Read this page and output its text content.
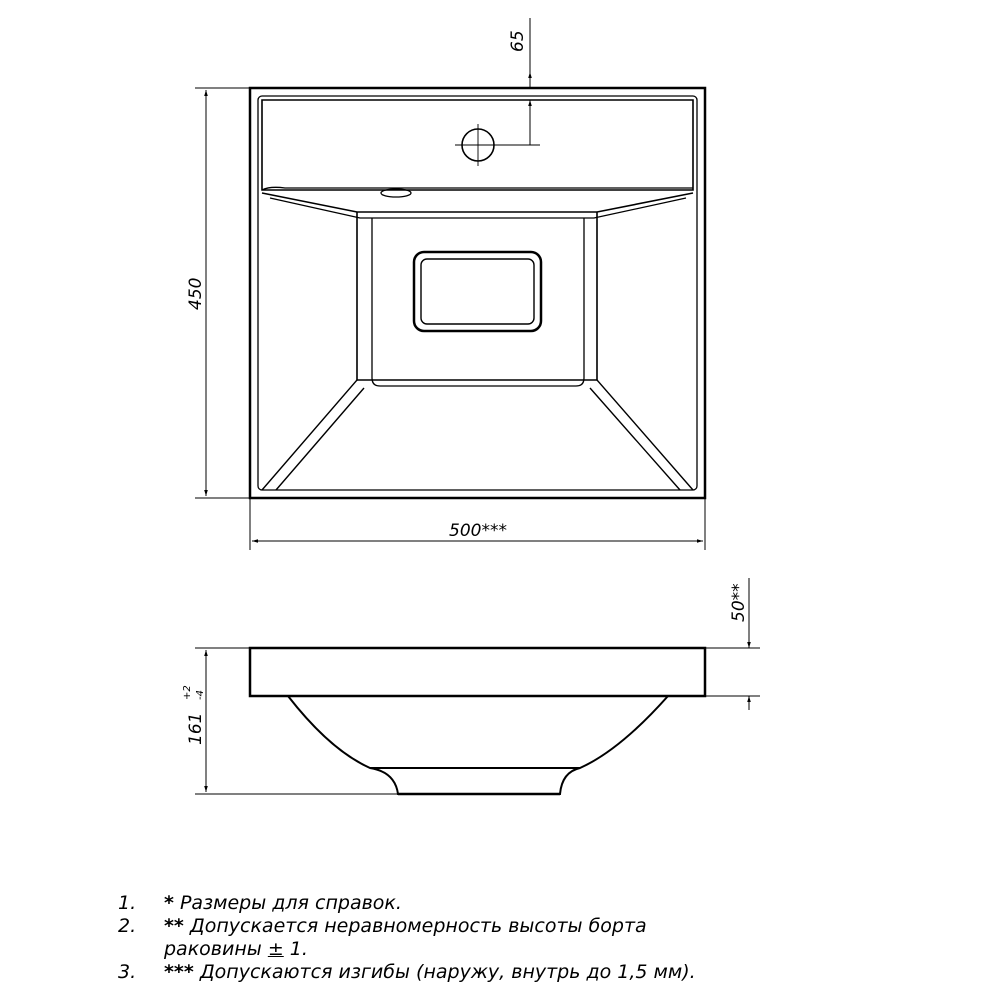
65
450
500***
50**
161
+2 -4
1.	* Размеры для справок.
2.	** Допускается неравномерность высоты борта
раковины ± 1.
3.	*** Допускаются изгибы (наружу, внутрь до 1,5 мм).
